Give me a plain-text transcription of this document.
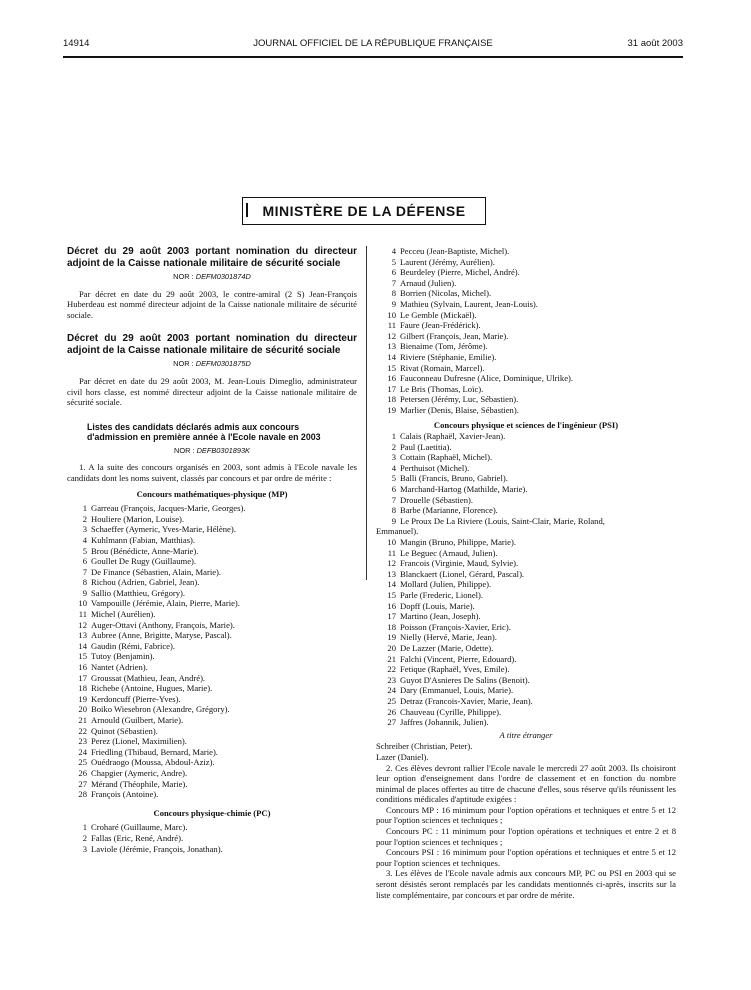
14914	JOURNAL OFFICIEL DE LA RÉPUBLIQUE FRANÇAISE	31 août 2003
MINISTÈRE DE LA DÉFENSE

Décret du 29 août 2003 portant nomination du directeur adjoint de la Caisse nationale militaire de sécurité sociale

NOR : DEFM0301874D

Par décret en date du 29 août 2003, le contre-amiral (2 S) Jean-François Huberdeau est nommé directeur adjoint de la Caisse nationale militaire de sécurité sociale.

Décret du 29 août 2003 portant nomination du directeur adjoint de la Caisse nationale militaire de sécurité sociale

NOR : DEFM0301875D

Par décret en date du 29 août 2003, M. Jean-Louis Dimeglio, administrateur civil hors classe, est nommé directeur adjoint de la Caisse nationale militaire de sécurité sociale.

Listes des candidats déclarés admis aux concours d'admission en première année à l'Ecole navale en 2003

NOR : DEFB0301893K

1. A la suite des concours organisés en 2003, sont admis à l'Ecole navale les candidats dont les noms suivent, classés par concours et par ordre de mérite :

Concours mathématiques-physique (MP)
1 Garreau (François, Jacques-Marie, Georges).
2 Houliere (Marion, Louise).
3 Schaeffer (Aymeric, Yves-Marie, Hélène).
4 Kuhlmann (Fabian, Matthias).
5 Brou (Bénédicte, Anne-Marie).
6 Goullet De Rugy (Guillaume).
7 De Finance (Sébastien, Alain, Marie).
8 Richou (Adrien, Gabriel, Jean).
9 Sallio (Matthieu, Grégory).
10 Vampouille (Jérémie, Alain, Pierre, Marie).
11 Michel (Aurélien).
12 Auger-Ottavi (Anthony, François, Marie).
13 Aubree (Anne, Brigitte, Maryse, Pascal).
14 Gaudin (Rémi, Fabrice).
15 Tutoy (Benjamin).
16 Nantet (Adrien).
17 Groussat (Mathieu, Jean, André).
18 Richebe (Antoine, Hugues, Marie).
19 Kerdoncuff (Pierre-Yves).
20 Boiko Wiesebron (Alexandre, Grégory).
21 Arnould (Guilbert, Marie).
22 Quinot (Sébastien).
23 Perez (Lionel, Maximilien).
24 Friedling (Thibaud, Bernard, Marie).
25 Ouédraogo (Moussa, Abdoul-Aziz).
26 Chapgier (Aymeric, Andre).
27 Mérand (Théophile, Marie).
28 François (Antoine).
Concours physique-chimie (PC)
1 Croharé (Guillaume, Marc).
2 Fallas (Eric, René, André).
3 Laviole (Jérémie, François, Jonathan).
4 Pecceu (Jean-Baptiste, Michel).
5 Laurent (Jérémy, Aurélien).
6 Beurdeley (Pierre, Michel, André).
7 Arnaud (Julien).
8 Borrien (Nicolas, Michel).
9 Mathieu (Sylvain, Laurent, Jean-Louis).
10 Le Gemble (Mickaël).
11 Faure (Jean-Frédérick).
12 Gilbert (François, Jean, Marie).
13 Bienaime (Tom, Jérôme).
14 Riviere (Stéphanie, Emilie).
15 Rivat (Romain, Marcel).
16 Fauconneau Dufresne (Alice, Dominique, Ulrike).
17 Le Bris (Thomas, Loïc).
18 Petersen (Jérémy, Luc, Sébastien).
19 Marlier (Denis, Blaise, Sébastien).
Concours physique et sciences de l'ingénieur (PSI)
1 Calais (Raphaël, Xavier-Jean).
2 Paul (Laetitia).
3 Cottain (Raphaël, Michel).
4 Perthuisot (Michel).
5 Balli (Francis, Bruno, Gabriel).
6 Marchand-Hartog (Mathilde, Marie).
7 Drouelle (Sébastien).
8 Barbe (Marianne, Florence).
9 Le Proux De La Riviere (Louis, Saint-Clair, Marie, Roland,
Emmanuel).
10 Mangin (Bruno, Philippe, Marie).
11 Le Beguec (Arnaud, Julien).
12 Francois (Virginie, Maud, Sylvie).
13 Blanckaert (Lionel, Gérard, Pascal).
14 Mollard (Julien, Philippe).
15 Parle (Frederic, Lionel).
16 Dopff (Louis, Marie).
17 Martino (Jean, Joseph).
18 Poisson (François-Xavier, Eric).
19 Nielly (Hervé, Marie, Jean).
20 De Lazzer (Marie, Odette).
21 Falchi (Vincent, Pierre, Edouard).
22 Fetique (Raphaël, Yves, Emile).
23 Guyot D'Asnieres De Salins (Benoit).
24 Dary (Emmanuel, Louis, Marie).
25 Detraz (Francois-Xavier, Marie, Jean).
26 Chauveau (Cyrille, Philippe).
27 Jaffres (Johannik, Julien).
A titre étranger
Schreiber (Christian, Peter).
Lazer (Daniel).

2. Ces élèves devront rallier l'Ecole navale le mercredi 27 août 2003. Ils choisiront leur option d'enseignement dans l'ordre de classement et en fonction du nombre minimal de places offertes au titre de chacune d'elles, sous réserve qu'ils réunissent les conditions médicales d'aptitude exigées :

Concours MP : 16 minimum pour l'option opérations et techniques et entre 5 et 12 pour l'option sciences et techniques ;

Concours PC : 11 minimum pour l'option opérations et techniques et entre 2 et 8 pour l'option sciences et techniques ;

Concours PSI : 16 minimum pour l'option opérations et techniques et entre 5 et 12 pour l'option sciences et techniques.

3. Les élèves de l'Ecole navale admis aux concours MP, PC ou PSI en 2003 qui se seront désistés seront remplacés par les candidats mentionnés ci-après, inscrits sur la liste complémentaire, par concours et par ordre de mérite.
